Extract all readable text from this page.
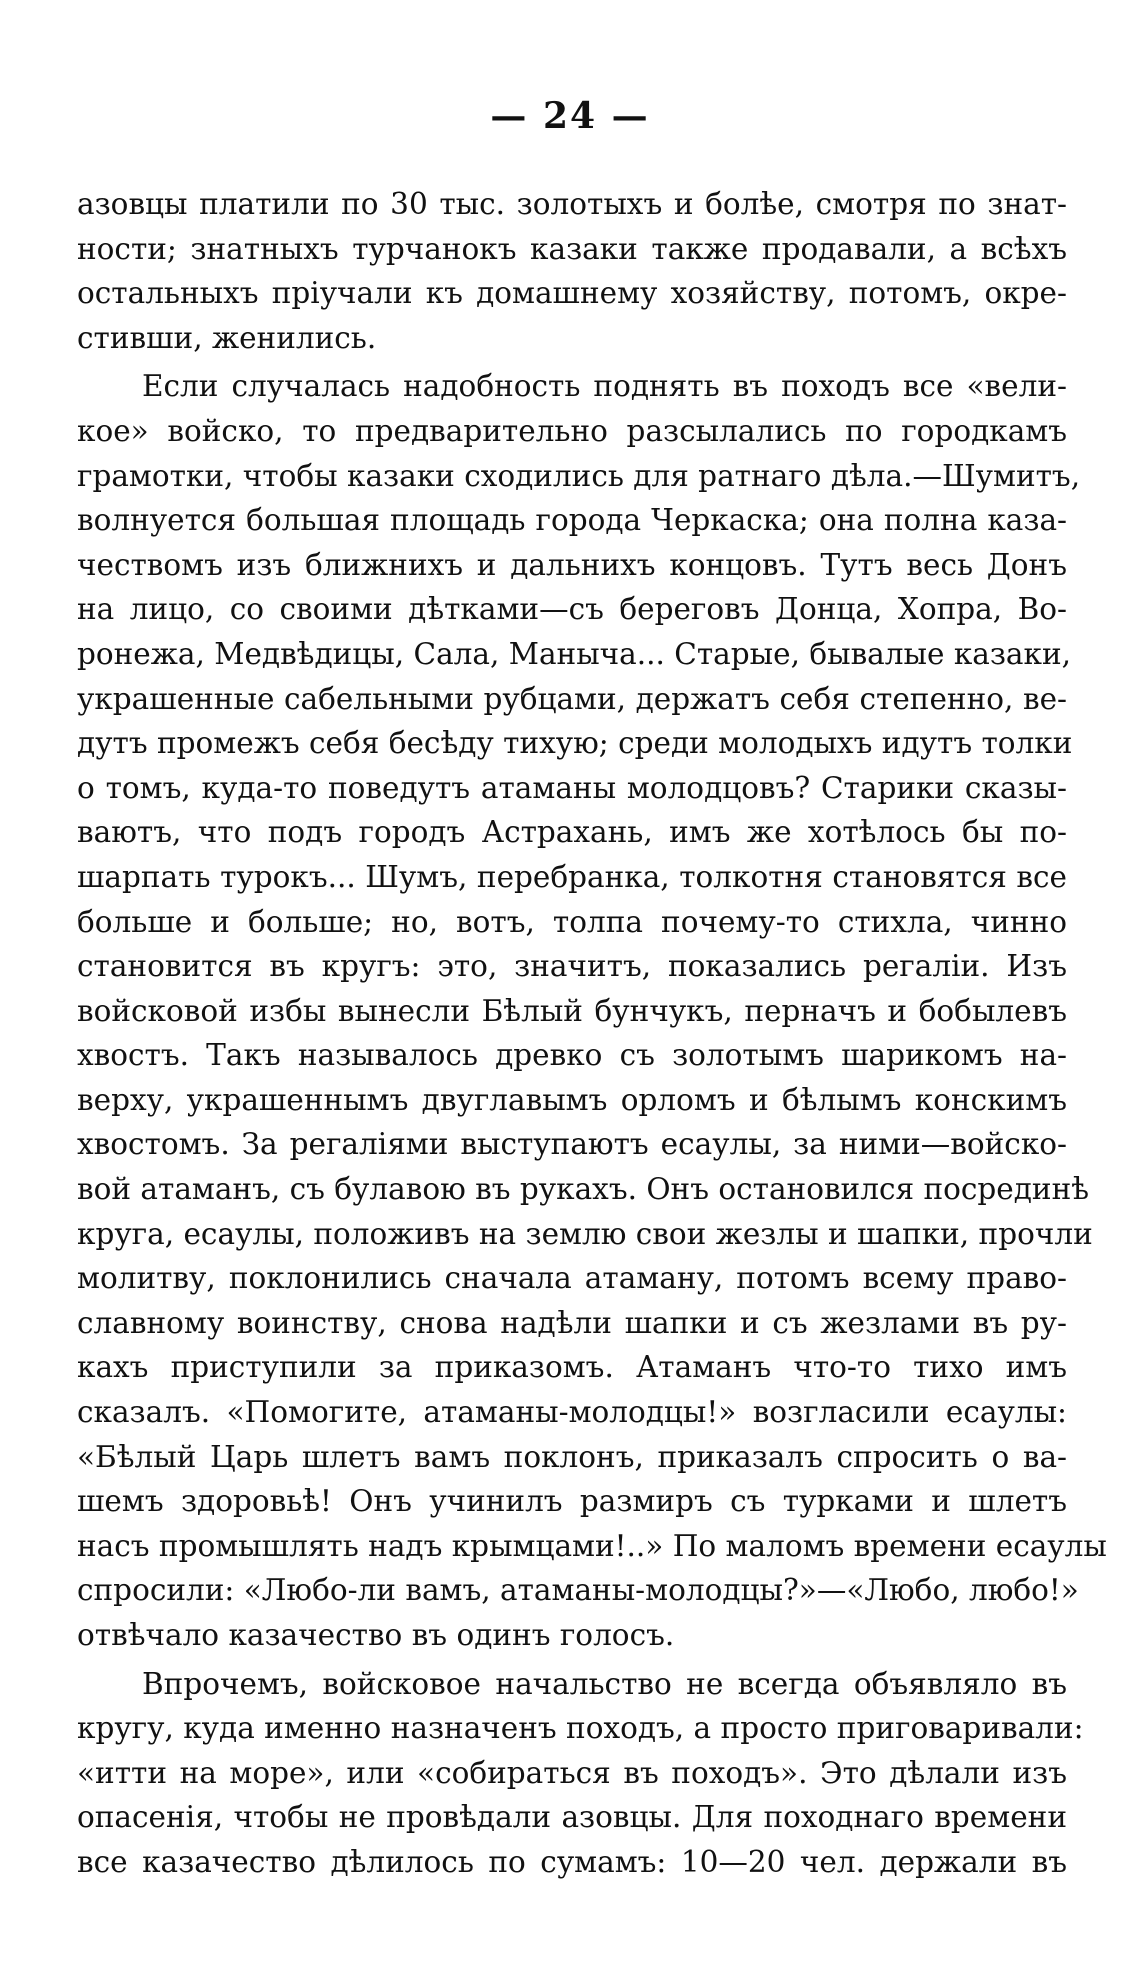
— 24 —
азовцы платили по 30 тыс. золотыхъ и болѣе, смотря по знат-
ности; знатныхъ турчанокъ казаки также продавали, а всѣхъ
остальныхъ пріучали къ домашнему хозяйству, потомъ, окре-
стивши, женились.
Если случалась надобность поднять въ походъ все «вели-
кое» войско, то предварительно разсылались по городкамъ
грамотки, чтобы казаки сходились для ратнаго дѣла.—Шумитъ,
волнуется большая площадь города Черкаска; она полна каза-
чествомъ изъ ближнихъ и дальнихъ концовъ. Тутъ весь Донъ
на лицо, со своими дѣтками—съ береговъ Донца, Хопра, Во-
ронежа, Медвѣдицы, Сала, Маныча... Старые, бывалые казаки,
украшенные сабельными рубцами, держатъ себя степенно, ве-
дутъ промежъ себя бесѣду тихую; среди молодыхъ идутъ толки
о томъ, куда-то поведутъ атаманы молодцовъ? Старики сказы-
ваютъ, что подъ городъ Астрахань, имъ же хотѣлось бы по-
шарпать турокъ... Шумъ, перебранка, толкотня становятся все
больше и больше; но, вотъ, толпа почему-то стихла, чинно
становится въ кругъ: это, значитъ, показались регаліи. Изъ
войсковой избы вынесли Бѣлый бунчукъ, перначъ и бобылевъ
хвостъ. Такъ называлось древко съ золотымъ шарикомъ на-
верху, украшеннымъ двуглавымъ орломъ и бѣлымъ конскимъ
хвостомъ. За регаліями выступаютъ есаулы, за ними—войско-
вой атаманъ, съ булавою въ рукахъ. Онъ остановился посрединѣ
круга, есаулы, положивъ на землю свои жезлы и шапки, прочли
молитву, поклонились сначала атаману, потомъ всему право-
славному воинству, снова надѣли шапки и съ жезлами въ ру-
кахъ приступили за приказомъ. Атаманъ что-то тихо имъ
сказалъ. «Помогите, атаманы-молодцы!» возгласили есаулы:
«Бѣлый Царь шлетъ вамъ поклонъ, приказалъ спросить о ва-
шемъ здоровьѣ! Онъ учинилъ размиръ съ турками и шлетъ
насъ промышлять надъ крымцами!..» По маломъ времени есаулы
спросили: «Любо-ли вамъ, атаманы-молодцы?»—«Любо, любо!»
отвѣчало казачество въ одинъ голосъ.
Впрочемъ, войсковое начальство не всегда объявляло въ
кругу, куда именно назначенъ походъ, а просто приговаривали:
«итти на море», или «собираться въ походъ». Это дѣлали изъ
опасенія, чтобы не провѣдали азовцы. Для походнаго времени
все казачество дѣлилось по сумамъ: 10—20 чел. держали въ
